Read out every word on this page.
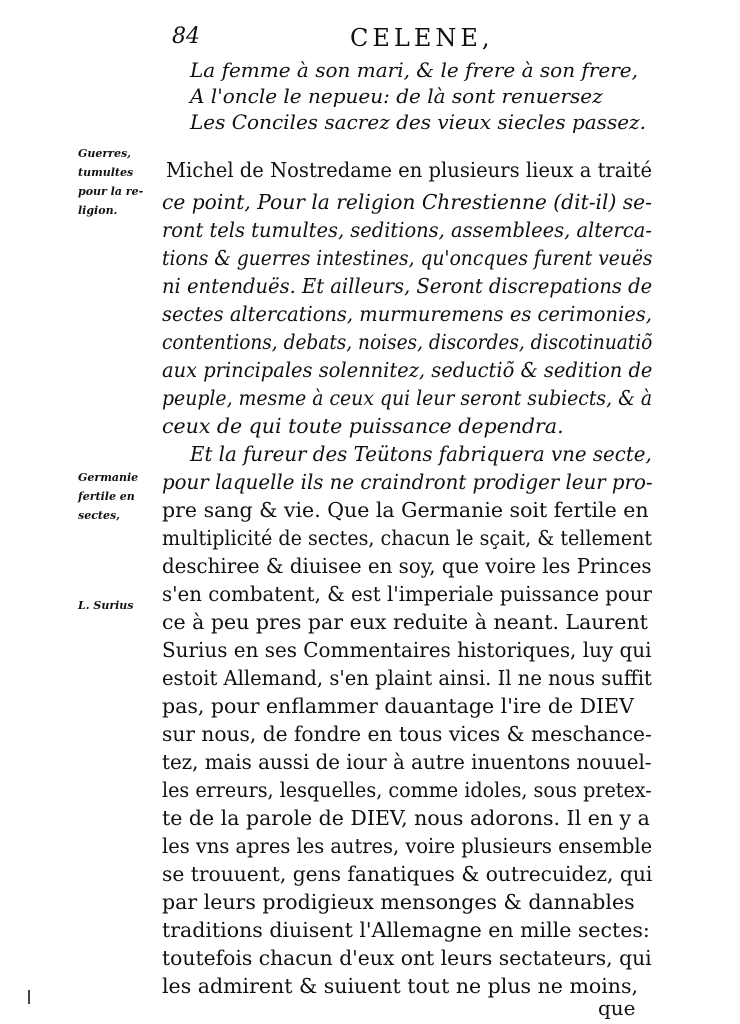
84	CELENE,
La femme à son mari, & le frere à son frere,
A l'oncle le nepueu: de là sont renuersez
Les Conciles sacrez des vieux siecles passez.
Guerres,
tumultes
pour la re-
ligion.
Germanie
fertile en
sectes,
L. Surius
Michel de Nostredame en plusieurs lieux a traité
ce point, Pour la religion Chrestienne (dit-il) se-
ront tels tumultes, seditions, assemblees, alterca-
tions & guerres intestines, qu'oncques furent veuës
ni entenduës. Et ailleurs, Seront discrepations de
sectes altercations, murmuremens es cerimonies,
contentions, debats, noises, discordes, discotinuatiõ
aux principales solennitez, seductiõ & sedition de
peuple, mesme à ceux qui leur seront subiects, & à
ceux de qui toute puissance dependra.
Et la fureur des Teütons fabriquera vne secte,
pour laquelle ils ne craindront prodiger leur pro-
pre sang & vie. Que la Germanie soit fertile en
multiplicité de sectes, chacun le sçait, & tellement
deschiree & diuisee en soy, que voire les Princes
s'en combatent, & est l'imperiale puissance pour
ce à peu pres par eux reduite à neant. Laurent
Surius en ses Commentaires historiques, luy qui
estoit Allemand, s'en plaint ainsi. Il ne nous suffit
pas, pour enflammer dauantage l'ire de DIEV
sur nous, de fondre en tous vices & meschance-
tez, mais aussi de iour à autre inuentons nouuel-
les erreurs, lesquelles, comme idoles, sous pretex-
te de la parole de DIEV, nous adorons. Il en y a
les vns apres les autres, voire plusieurs ensemble
se trouuent, gens fanatiques & outrecuidez, qui
par leurs prodigieux mensonges & dannables
traditions diuisent l'Allemagne en mille sectes:
toutefois chacun d'eux ont leurs sectateurs, qui
les admirent & suiuent tout ne plus ne moins,
que
